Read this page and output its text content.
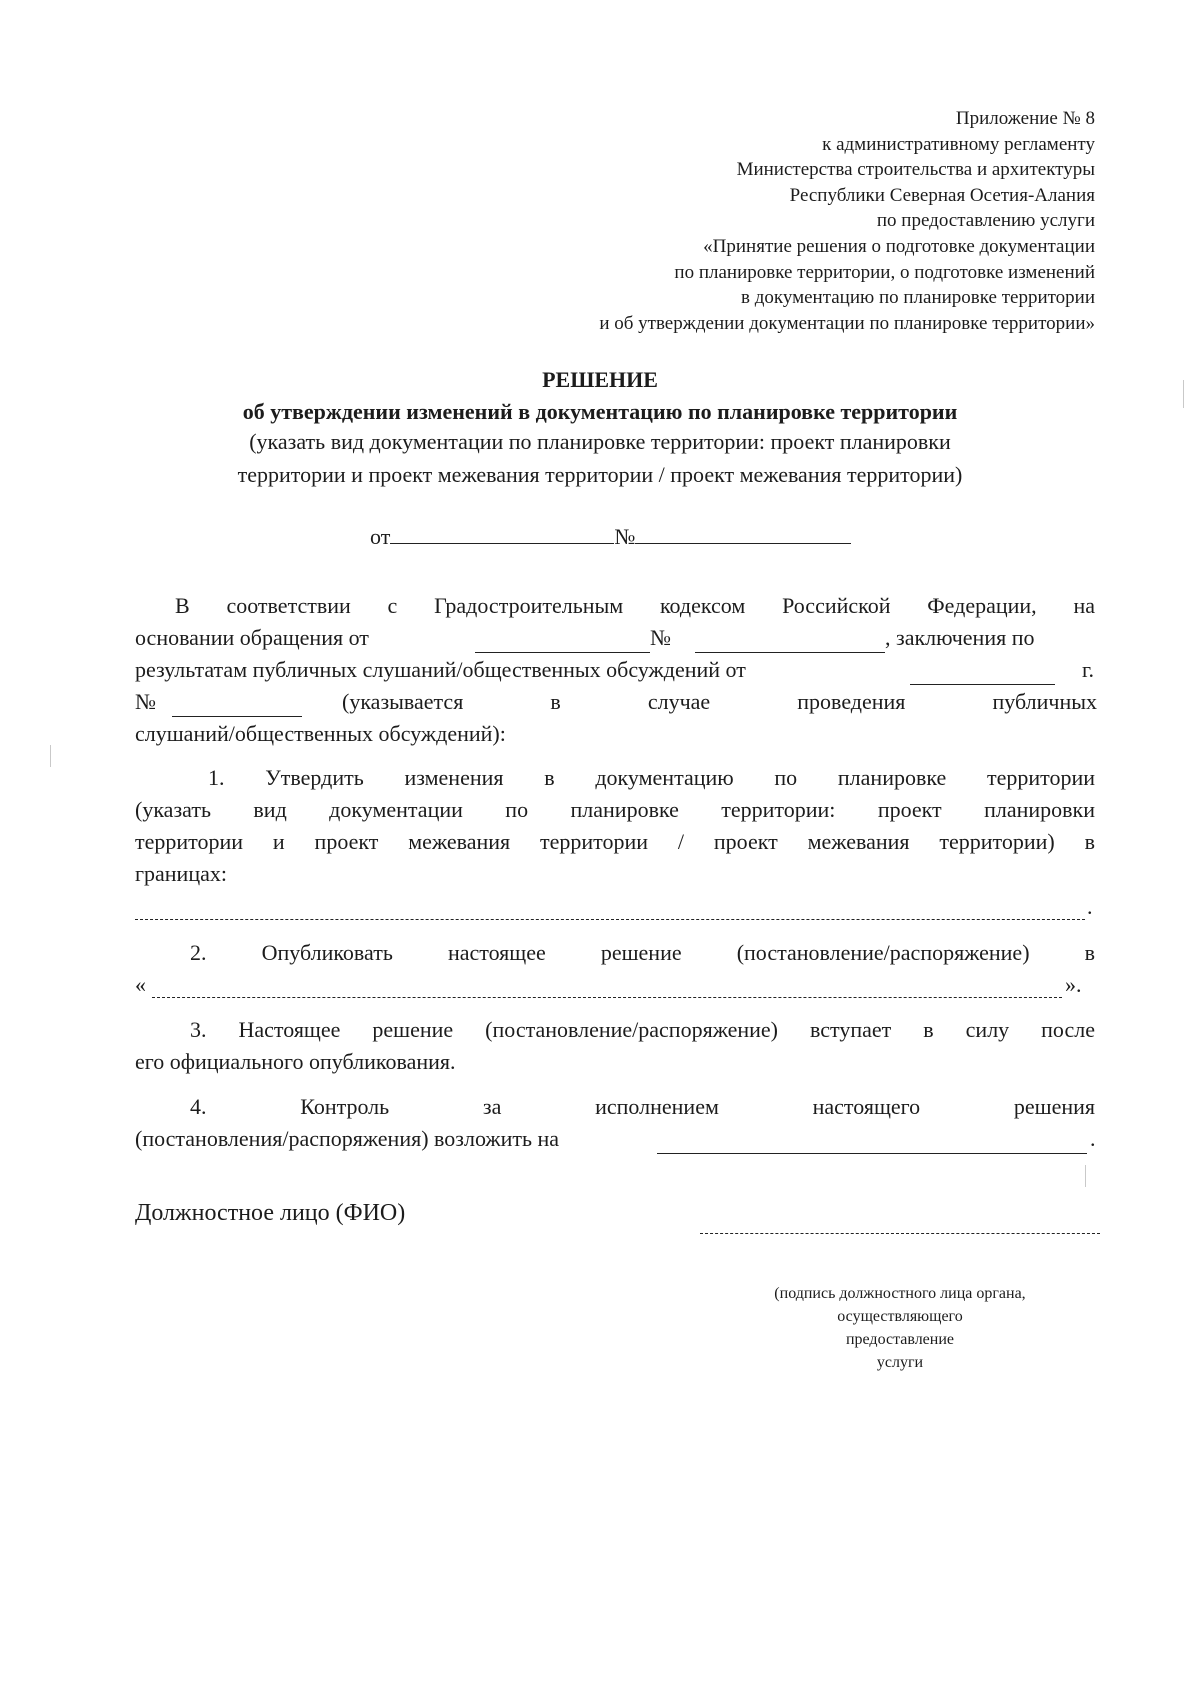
Приложение № 8
к административному регламенту
Министерства строительства и архитектуры
Республики Северная Осетия-Алания
по предоставлению услуги
«Принятие решения о подготовке документации
по планировке территории, о подготовке изменений
в документацию по планировке территории
и об утверждении документации по планировке территории»
РЕШЕНИЕ
об утверждении изменений в документацию по планировке территории
(указать вид документации по планировке территории: проект планировки
территории и проект межевания территории / проект межевания территории)
от	№
В соответствии с Градостроительным кодексом Российской Федерации, на
основании обращения от	№	, заключения по
результатам публичных слушаний/общественных обсуждений от	г.
№	(указывается в случае проведения публичных
слушаний/общественных обсуждений):
1. Утвердить изменения в документацию по планировке территории
(указать вид документации по планировке территории: проект планировки
территории и проект межевания территории / проект межевания территории) в
границах:
.
2. Опубликовать настоящее решение (постановление/распоряжение) в
«	».
3. Настоящее решение (постановление/распоряжение) вступает в силу после
его официального опубликования.
4. Контроль за исполнением настоящего решения
(постановления/распоряжения) возложить на	.
Должностное лицо (ФИО)
(подпись должностного лица органа,
осуществляющего
предоставление
услуги
